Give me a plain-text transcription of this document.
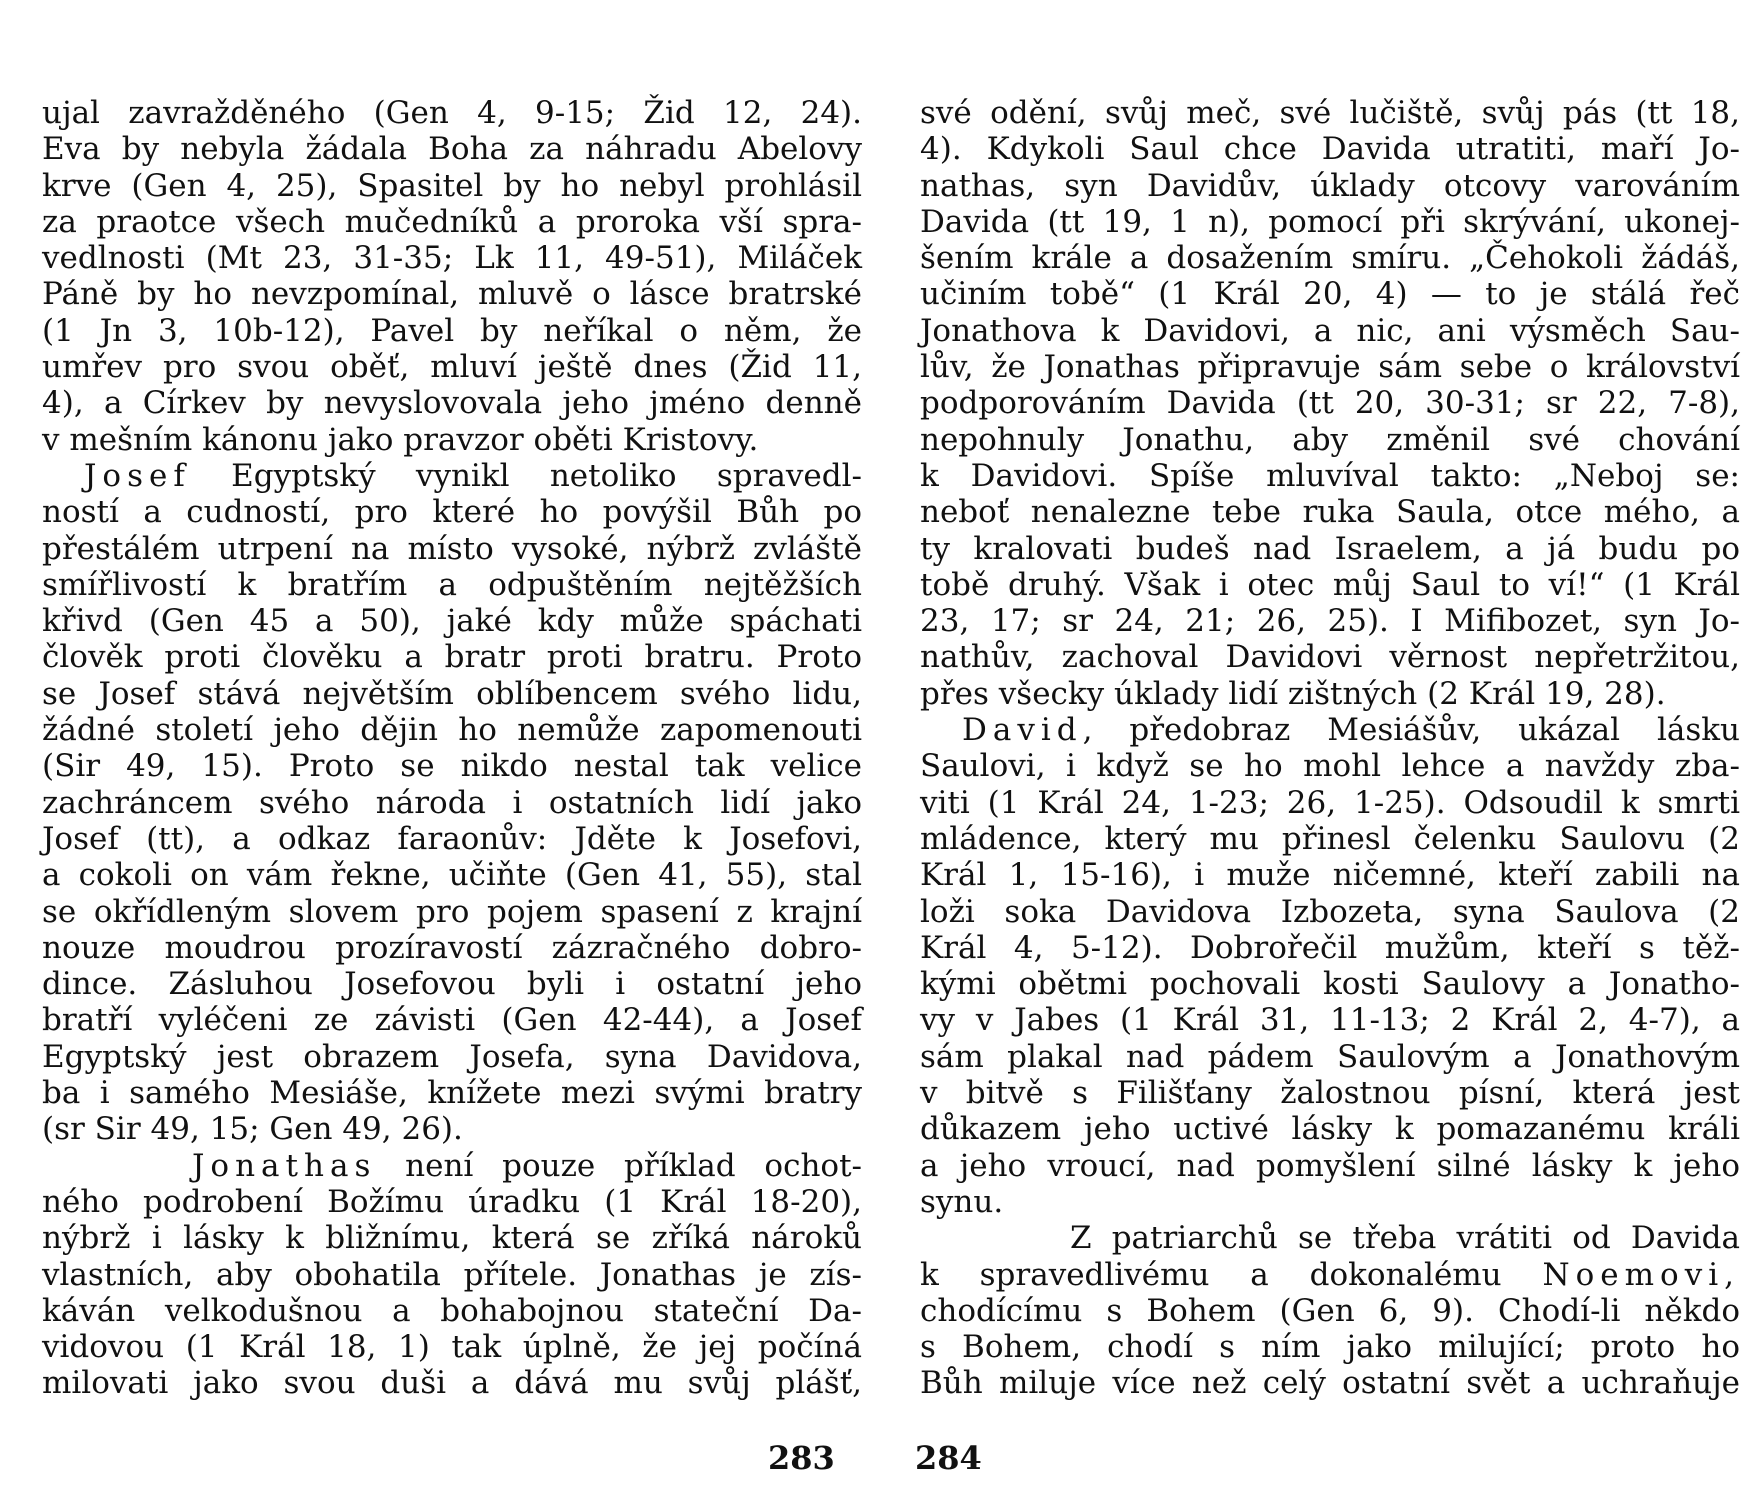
ujal zavražděného (Gen 4, 9-15; Žid 12, 24).
Eva by nebyla žádala Boha za náhradu Abelovy
krve (Gen 4, 25), Spasitel by ho nebyl prohlásil
za praotce všech mučedníků a proroka vší spra-
vedlnosti (Mt 23, 31-35; Lk 11, 49-51), Miláček
Páně by ho nevzpomínal, mluvě o lásce bratrské
(1 Jn 3, 10b-12), Pavel by neříkal o něm, že
umřev pro svou oběť, mluví ještě dnes (Žid 11,
4), a Církev by nevyslovovala jeho jméno denně
v mešním kánonu jako pravzor oběti Kristovy.
Josef Egyptský vynikl netoliko spravedl-
ností a cudností, pro které ho povýšil Bůh po
přestálém utrpení na místo vysoké, nýbrž zvláště
smířlivostí k bratřím a odpuštěním nejtěžších
křivd (Gen 45 a 50), jaké kdy může spáchati
člověk proti člověku a bratr proti bratru. Proto
se Josef stává největším oblíbencem svého lidu,
žádné století jeho dějin ho nemůže zapomenouti
(Sir 49, 15). Proto se nikdo nestal tak velice
zachráncem svého národa i ostatních lidí jako
Josef (tt), a odkaz faraonův: Jděte k Josefovi,
a cokoli on vám řekne, učiňte (Gen 41, 55), stal
se okřídleným slovem pro pojem spasení z krajní
nouze moudrou prozíravostí zázračného dobro-
dince. Zásluhou Josefovou byli i ostatní jeho
bratří vyléčeni ze závisti (Gen 42-44), a Josef
Egyptský jest obrazem Josefa, syna Davidova,
ba i samého Mesiáše, knížete mezi svými bratry
(sr Sir 49, 15; Gen 49, 26).
Jonathas není pouze příklad ochot-
ného podrobení Božímu úradku (1 Král 18-20),
nýbrž i lásky k bližnímu, která se zříká nároků
vlastních, aby obohatila přítele. Jonathas je zís-
káván velkodušnou a bohabojnou stateční Da-
vidovou (1 Král 18, 1) tak úplně, že jej počíná
milovati jako svou duši a dává mu svůj plášť,
své odění, svůj meč, své lučiště, svůj pás (tt 18,
4). Kdykoli Saul chce Davida utratiti, maří Jo-
nathas, syn Davidův, úklady otcovy varováním
Davida (tt 19, 1 n), pomocí při skrývání, ukonej-
šením krále a dosažením smíru. „Čehokoli žádáš,
učiním tobě“ (1 Král 20, 4) — to je stálá řeč
Jonathova k Davidovi, a nic, ani výsměch Sau-
lův, že Jonathas připravuje sám sebe o království
podporováním Davida (tt 20, 30-31; sr 22, 7-8),
nepohnuly Jonathu, aby změnil své chování
k Davidovi. Spíše mluvíval takto: „Neboj se:
neboť nenalezne tebe ruka Saula, otce mého, a
ty kralovati budeš nad Israelem, a já budu po
tobě druhý. Však i otec můj Saul to ví!“ (1 Král
23, 17; sr 24, 21; 26, 25). I Mifibozet, syn Jo-
nathův, zachoval Davidovi věrnost nepřetržitou,
přes všecky úklady lidí zištných (2 Král 19, 28).
David, předobraz Mesiášův, ukázal lásku
Saulovi, i když se ho mohl lehce a navždy zba-
viti (1 Král 24, 1-23; 26, 1-25). Odsoudil k smrti
mládence, který mu přinesl čelenku Saulovu (2
Král 1, 15-16), i muže ničemné, kteří zabili na
loži soka Davidova Izbozeta, syna Saulova (2
Král 4, 5-12). Dobrořečil mužům, kteří s těž-
kými obětmi pochovali kosti Saulovy a Jonatho-
vy v Jabes (1 Král 31, 11-13; 2 Král 2, 4-7), a
sám plakal nad pádem Saulovým a Jonathovým
v bitvě s Filišťany žalostnou písní, která jest
důkazem jeho uctivé lásky k pomazanému králi
a jeho vroucí, nad pomyšlení silné lásky k jeho
synu.
Z patriarchů se třeba vrátiti od Davida
k spravedlivému a dokonalému Noemovi,
chodícímu s Bohem (Gen 6, 9). Chodí-li někdo
s Bohem, chodí s ním jako milující; proto ho
Bůh miluje více než celý ostatní svět a uchraňuje
283	284
